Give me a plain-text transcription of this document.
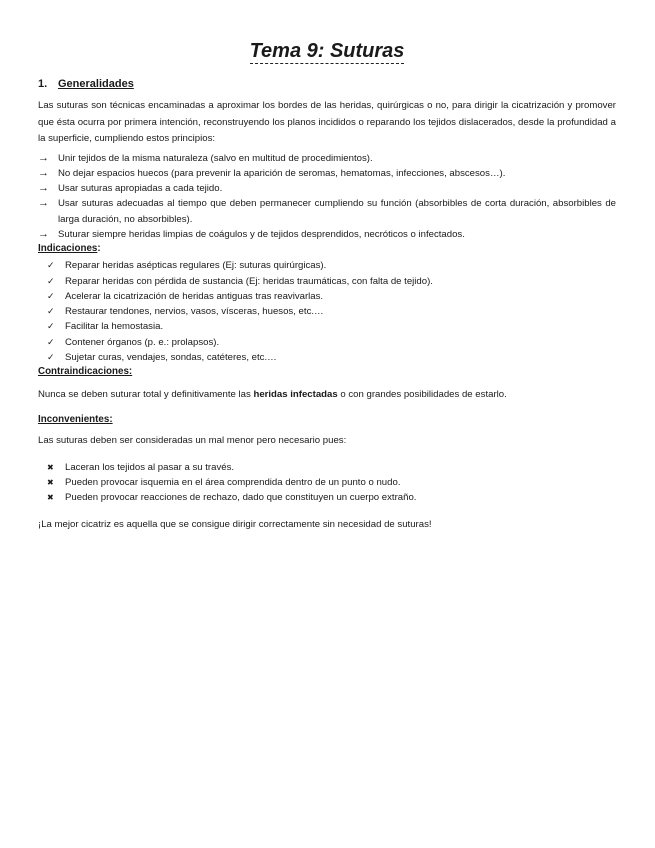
Tema 9: Suturas
1. Generalidades

Las suturas son técnicas encaminadas a aproximar los bordes de las heridas, quirúrgicas o no, para dirigir la cicatrización y promover que ésta ocurra por primera intención, reconstruyendo los planos incididos o reparando los tejidos dislacerados, desde la profundidad a la superficie, cumpliendo estos principios:

→ Unir tejidos de la misma naturaleza (salvo en multitud de procedimientos).
→ No dejar espacios huecos (para prevenir la aparición de seromas, hematomas, infecciones, abscesos…).
→ Usar suturas apropiadas a cada tejido.
→ Usar suturas adecuadas al tiempo que deben permanecer cumpliendo su función (absorbibles de corta duración, absorbibles de larga duración, no absorbibles).
→ Suturar siempre heridas limpias de coágulos y de tejidos desprendidos, necróticos o infectados.
Indicaciones:
✓ Reparar heridas asépticas regulares (Ej: suturas quirúrgicas).
✓ Reparar heridas con pérdida de sustancia (Ej: heridas traumáticas, con falta de tejido).
✓ Acelerar la cicatrización de heridas antiguas tras reavivarlas.
✓ Restaurar tendones, nervios, vasos, vísceras, huesos, etc.…
✓ Facilitar la hemostasia.
✓ Contener órganos (p. e.: prolapsos).
✓ Sujetar curas, vendajes, sondas, catéteres, etc.…
Contraindicaciones:

Nunca se deben suturar total y definitivamente las heridas infectadas o con grandes posibilidades de estarlo.

Inconvenientes:

Las suturas deben ser consideradas un mal menor pero necesario pues:

✖ Laceran los tejidos al pasar a su través.
✖ Pueden provocar isquemia en el área comprendida dentro de un punto o nudo.
✖ Pueden provocar reacciones de rechazo, dado que constituyen un cuerpo extraño.

¡La mejor cicatriz es aquella que se consigue dirigir correctamente sin necesidad de suturas!
